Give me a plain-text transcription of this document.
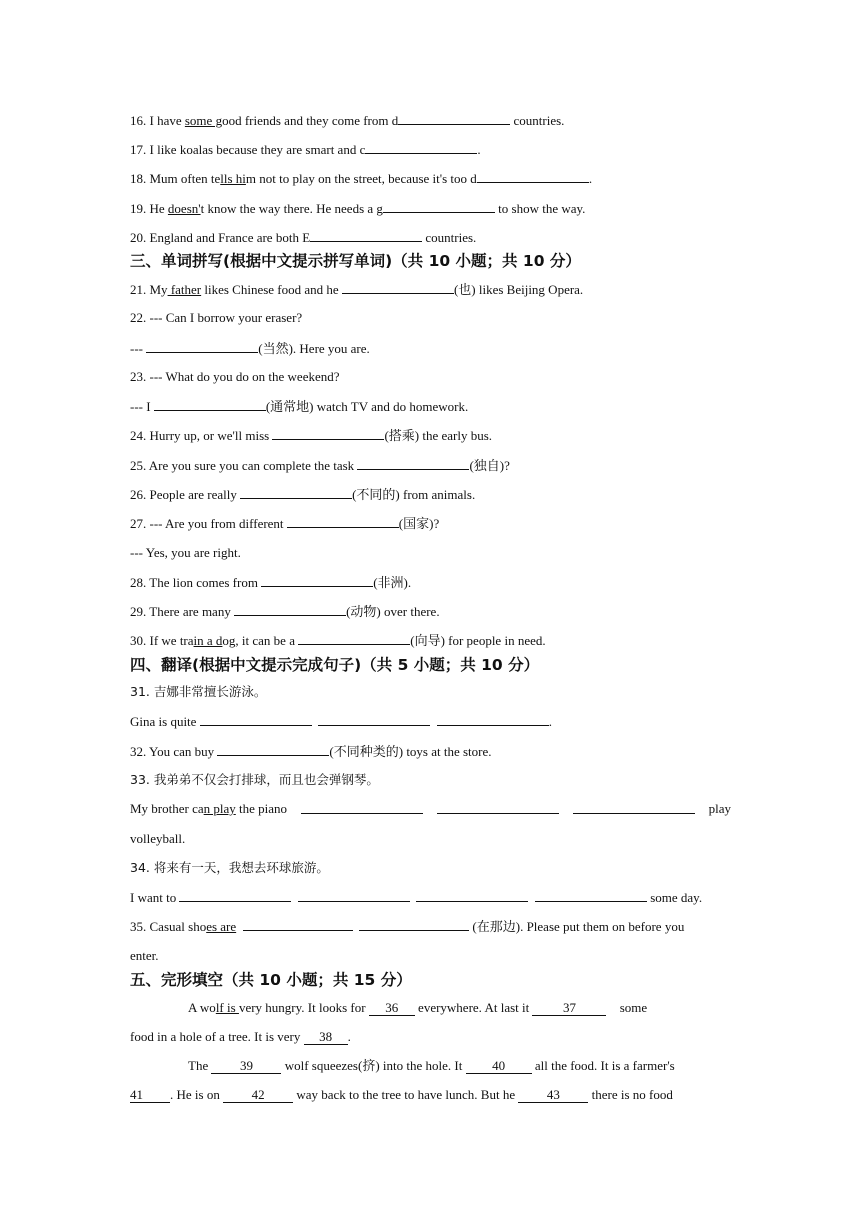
16. I have some good friends and they come from d	countries.
17. I like koalas because they are smart and c	.
18. Mum often tells him not to play on the street, because it's too d	.
19. He doesn't know the way there. He needs a g	to show the way.
20. England and France are both E	countries.
三、单词拼写(根据中文提示拼写单词)（共 10 小题；共 10 分）
21. My father likes Chinese food and he	(也) likes Beijing Opera.
22. --- Can I borrow your eraser?
---	(当然). Here you are.
23. --- What do you do on the weekend?
--- I	(通常地) watch TV and do homework.
24. Hurry up, or we'll miss	(搭乘) the early bus.
25. Are you sure you can complete the task	(独自)?
26. People are really	(不同的) from animals.
27. --- Are you from different	(国家)?
--- Yes, you are right.
28. The lion comes from	(非洲).
29. There are many	(动物) over there.
30. If we train a dog, it can be a	(向导) for people in need.
四、翻译(根据中文提示完成句子)（共 5 小题；共 10 分）
31. 吉娜非常擅长游泳。
Gina is quite	.
32. You can buy	(不同种类的) toys at the store.
33. 我弟弟不仅会打排球，而且也会弹钢琴。
My brother can play the piano	play
volleyball.
34. 将来有一天，我想去环球旅游。
I want to	some day.
35. Casual shoes are	(在那边). Please put them on before you
enter.
五、完形填空（共 10 小题；共 15 分）
A wolf is very hungry. It looks for 36 everywhere. At last it 37	some
food in a hole of a tree. It is very 38 .
The 39 wolf squeezes(挤) into the hole. It 40 all the food. It is a farmer's
41 . He is on 42 way back to the tree to have lunch. But he 43 there is no food
